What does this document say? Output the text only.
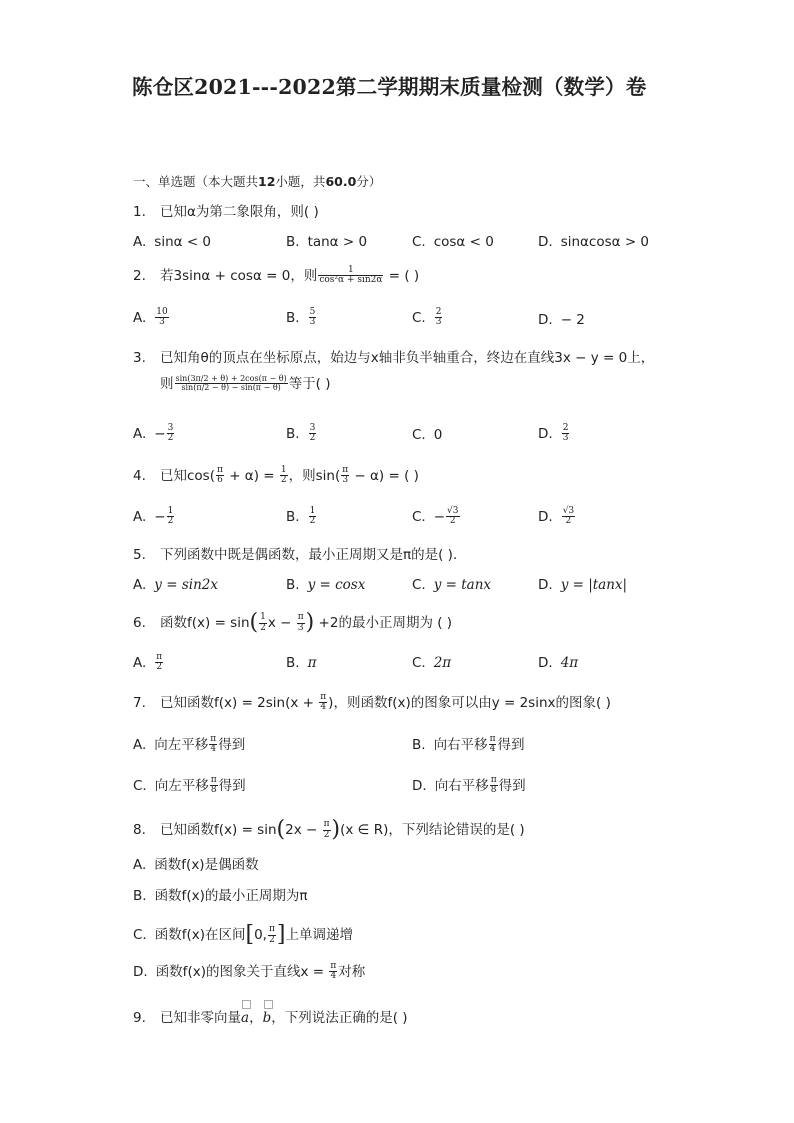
陈仓区2021---2022第二学期期末质量检测（数学）卷
一、单选题（本大题共12小题，共60.0分）
1. 已知α为第二象限角，则( )
A. sinα < 0	B. tanα > 0	C. cosα < 0	D. sinαcosα > 0
2. 若3sinα + cosα = 0，则 $\frac{1}{\text{cos²α + sin2α}}$ = ( )
A. $\frac{10}{3}$	B. $\frac{5}{3}$	C. $\frac{2}{3}$	D. − 2
3. 已知角θ的顶点在坐标原点，始边与x轴非负半轴重合，终边在直线3x − y = 0上，
则 $\frac{\sin(3\pi/2 + \theta) + 2\cos(\pi - \theta)}{\sin(\pi/2 - \theta) - \sin(\pi - \theta)}$ 等于( )
A. − $\frac{3}{2}$	B. $\frac{3}{2}$	C. 0	D. $\frac{2}{3}$
4. 已知$\cos( \frac{\pi}{6} + \alpha) = \frac{1}{2}$ ，则$\sin( \frac{\pi}{3} - \alpha)$ = ( )
A. − $\frac{1}{2}$	B. $\frac{1}{2}$	C. − $\frac{√3}{2}$	D. $\frac{√3}{2}$
5. 下列函数中既是偶函数，最小正周期又是π的是( ).
A. y = sin2x	B. y = cosx	C. y = tanx	D. y = |tanx|
6. 函数$f(x) = \sin( \frac{1}{2}$ $x - \frac{\pi}{3}$ ) +2的最小正周期为 ( )
A. $\frac{\pi}{2}$	B. π	C. 2π	D. 4π
7. 已知函数$f(x) = 2\sin(x + \frac{\pi}{4}$ )，则函数f(x)的图象可以由y = 2sinx的图象( )
A. 向左平移 $\frac{\pi}{4}$ 得到	B. 向右平移 $\frac{\pi}{4}$ 得到
C. 向左平移 $\frac{\pi}{8}$ 得到	D. 向右平移 $\frac{\pi}{8}$ 得到
8. 已知函数$f(x) = \sin(2x - \frac{\pi}{2} )(x$ ∈ R)，下列结论错误的是( )
A. 函数f(x)是偶函数
B. 函数f(x)的最小正周期为π
C. 函数f(x)在区间[0, $\frac{\pi}{2}$ ]上单调递增
D. 函数f(x)的图象关于直线$x = \frac{\pi}{4}$ 对称
9. 已知非零向量a，b，下列说法正确的是( )
